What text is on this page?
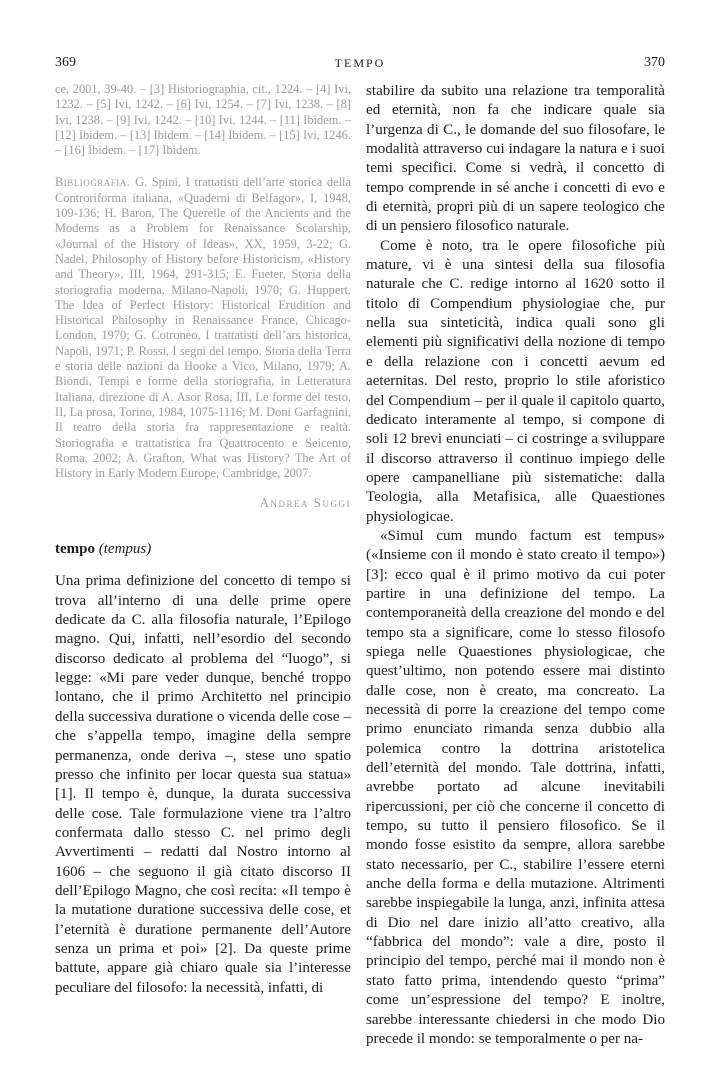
369	TEMPO	370

ce, 2001, 39-40. – [3] Historiographia, cit., 1224. – [4] Ivi, 1232. – [5] Ivi, 1242. – [6] Ivi, 1254. – [7] Ivi, 1238. – [8] Ivi, 1238. – [9] Ivi, 1242. – [10] Ivi, 1244. – [11] Ibidem. –[12] Ibidem. – [13] Ibidem. – [14] Ibidem. – [15] Ivi, 1246. – [16] Ibidem. – [17] Ibidem.

Bibliografia. G. Spini, I trattatisti dell’arte storica della Controriforma italiana, «Quaderni di Belfagor», I, 1948, 109-136; H. Baron, The Querelle of the Ancients and the Moderns as a Problem for Renaissance Scolarship, «Journal of the History of Ideas», XX, 1959, 3-22; G. Nadel, Philosophy of History before Historicism, «History and Theory», III, 1964, 291-315; E. Fueter, Storia della storiografia moderna, Milano-Napoli, 1970; G. Huppert, The Idea of Perfect History: Historical Erudition and Historical Philosophy in Renaissance France, Chicago-London, 1970; G. Cotroneo, I trattatisti dell’ars historica, Napoli, 1971; P. Rossi, I segni del tempo. Storia della Terra e storia delle nazioni da Hooke a Vico, Milano, 1979; A. Biondi, Tempi e forme della storiografia, in Letteratura Italiana, direzione di A. Asor Rosa, III, Le forme del testo, II, La prosa, Torino, 1984, 1075-1116; M. Doni Garfagnini, Il teatro della storia fra rappresentazione e realtà. Storiografia e trattatistica fra Quattrocento e Seicento, Roma, 2002; A. Grafton, What was History? The Art of History in Early Modern Europe, Cambridge, 2007.

Andrea Suggi

tempo (tempus)

Una prima definizione del concetto di tempo si trova all’interno di una delle prime opere dedicate da C. alla filosofia naturale, l’Epilogo magno. Qui, infatti, nell’esordio del secondo discorso dedicato al problema del “luogo”, si legge: «Mi pare veder dunque, benché troppo lontano, che il primo Architetto nel principio della successiva duratione o vicenda delle cose – che s’appella tempo, imagine della sempre permanenza, onde deriva –, stese uno spatio presso che infinito per locar questa sua statua» [1]. Il tempo è, dunque, la durata successiva delle cose. Tale formulazione viene tra l’altro confermata dallo stesso C. nel primo degli Avvertimenti – redatti dal Nostro intorno al 1606 – che seguono il già citato discorso II dell’Epilogo Magno, che così recita: «Il tempo è la mutatione duratione successiva delle cose, et l’eternità è duratione permanente dell’Autore senza un prima et poi» [2]. Da queste prime battute, appare già chiaro quale sia l’interesse peculiare del filosofo: la necessità, infatti, di

stabilire da subito una relazione tra temporalità ed eternità, non fa che indicare quale sia l’urgenza di C., le domande del suo filosofare, le modalità attraverso cui indagare la natura e i suoi temi specifici. Come si vedrà, il concetto di tempo comprende in sé anche i concetti di evo e di eternità, propri più di un sapere teologico che di un pensiero filosofico naturale.

Come è noto, tra le opere filosofiche più mature, vi è una sintesi della sua filosofia naturale che C. redige intorno al 1620 sotto il titolo di Compendium physiologiae che, pur nella sua sinteticità, indica quali sono gli elementi più significativi della nozione di tempo e della relazione con i concetti aevum ed aeternitas. Del resto, proprio lo stile aforistico del Compendium – per il quale il capitolo quarto, dedicato interamente al tempo, si compone di soli 12 brevi enunciati – ci costringe a sviluppare il discorso attraverso il continuo impiego delle opere campanelliane più sistematiche: dalla Teologia, alla Metafisica, alle Quaestiones physiologicae.

«Simul cum mundo factum est tempus» («Insieme con il mondo è stato creato il tempo») [3]: ecco qual è il primo motivo da cui poter partire in una definizione del tempo. La contemporaneità della creazione del mondo e del tempo sta a significare, come lo stesso filosofo spiega nelle Quaestiones physiologicae, che quest’ultimo, non potendo essere mai distinto dalle cose, non è creato, ma concreato. La necessità di porre la creazione del tempo come primo enunciato rimanda senza dubbio alla polemica contro la dottrina aristotelica dell’eternità del mondo. Tale dottrina, infatti, avrebbe portato ad alcune inevitabili ripercussioni, per ciò che concerne il concetto di tempo, su tutto il pensiero filosofico. Se il mondo fosse esistito da sempre, allora sarebbe stato necessario, per C., stabilire l’essere eterni anche della forma e della mutazione. Altrimenti sarebbe inspiegabile la lunga, anzi, infinita attesa di Dio nel dare inizio all’atto creativo, alla “fabbrica del mondo”: vale a dire, posto il principio del tempo, perché mai il mondo non è stato fatto prima, intendendo questo “prima” come un’espressione del tempo? E inoltre, sarebbe interessante chiedersi in che modo Dio precede il mondo: se temporalmente o per na-
